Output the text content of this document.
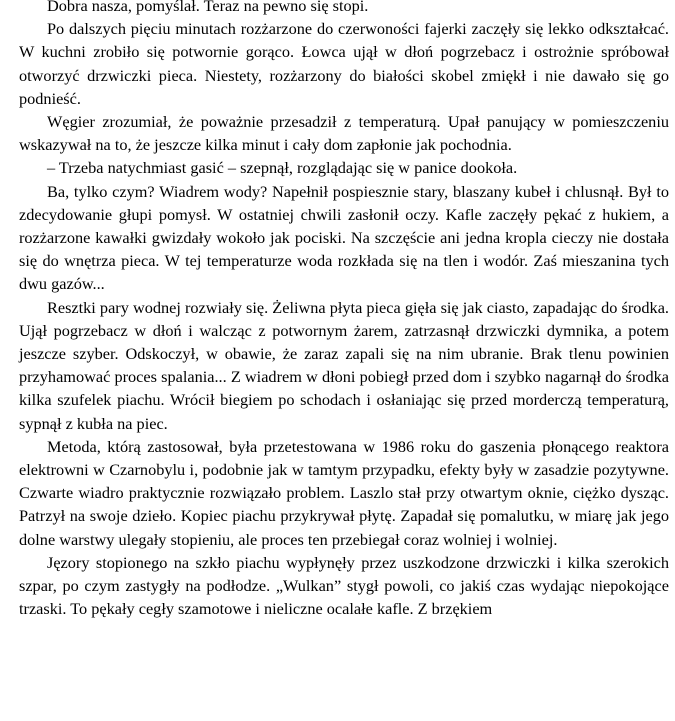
Dobra nasza, pomyślał. Teraz na pewno się stopi.

Po dalszych pięciu minutach rozżarzone do czerwoności fajerki zaczęły się lekko odkształcać. W kuchni zrobiło się potwornie gorąco. Łowca ujął w dłoń pogrzebacz i ostrożnie spróbował otworzyć drzwiczki pieca. Niestety, rozżarzony do białości skobel zmiękł i nie dawało się go podnieść.

Węgier zrozumiał, że poważnie przesadził z temperaturą. Upał panujący w pomieszczeniu wskazywał na to, że jeszcze kilka minut i cały dom zapłonie jak pochodnia.

– Trzeba natychmiast gasić – szepnął, rozglądając się w panice dookoła.

Ba, tylko czym? Wiadrem wody? Napełnił pospiesznie stary, blaszany kubeł i chlusnął. Był to zdecydowanie głupi pomysł. W ostatniej chwili zasłonił oczy. Kafle zaczęły pękać z hukiem, a rozżarzone kawałki gwizdały wokoło jak pociski. Na szczęście ani jedna kropla cieczy nie dostała się do wnętrza pieca. W tej temperaturze woda rozkłada się na tlen i wodór. Zaś mieszanina tych dwu gazów...

Resztki pary wodnej rozwiały się. Żeliwna płyta pieca gięła się jak ciasto, zapadając do środka. Ujął pogrzebacz w dłoń i walcząc z potwornym żarem, zatrzasnął drzwiczki dymnika, a potem jeszcze szyber. Odskoczył, w obawie, że zaraz zapali się na nim ubranie. Brak tlenu powinien przyhamować proces spalania... Z wiadrem w dłoni pobiegł przed dom i szybko nagarnął do środka kilka szufelek piachu. Wrócił biegiem po schodach i osłaniając się przed morderczą temperaturą, sypnął z kubła na piec.

Metoda, którą zastosował, była przetestowana w 1986 roku do gaszenia płonącego reaktora elektrowni w Czarnobylu i, podobnie jak w tamtym przypadku, efekty były w zasadzie pozytywne. Czwarte wiadro praktycznie rozwiązało problem. Laszlo stał przy otwartym oknie, ciężko dysząc. Patrzył na swoje dzieło. Kopiec piachu przykrywał płytę. Zapadał się pomalutku, w miarę jak jego dolne warstwy ulegały stopieniu, ale proces ten przebiegał coraz wolniej i wolniej.

Jęzory stopionego na szkło piachu wypłynęły przez uszkodzone drzwiczki i kilka szerokich szpar, po czym zastygły na podłodze. „Wulkan” stygł powoli, co jakiś czas wydając niepokojące trzaski. To pękały cegły szamotowe i nieliczne ocalałe kafle. Z brzękiem
